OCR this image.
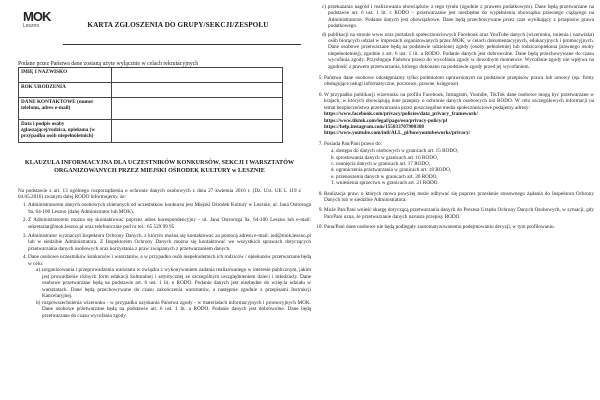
MOK
Leszno	KARTA ZGŁOSZENIA DO GRUPY/SEKCJI/ZESPOŁU
Podane przez Państwa dane zostaną użyte wyłącznie w celach rekrutacyjnych
IMIĘ I NAZWISKO	
ROK URODZENIA	
DANE KONTAKTOWE (numer telefonu, adres e-mail)	
Data i podpis osoby zgłaszającej/rodzica, opiekuna (w przypadku osób niepełnoletnich)	
KLAUZULA INFORMACYJNA DLA UCZESTNIKÓW KONKURSÓW, SEKCJI I WARSZTATÓW
ORGANIZOWANYCH PRZEZ MIEJSKI OŚRODEK KULTURY w LESZNIE
Na podstawie z art. 13 ogólnego rozporządzenia o ochronie danych osobowych z dnia 27 kwietnia 2016 r. (Dz. Urz. UE L 119 z 04.05.2016) zwanym dalej RODO informujemy, że:
1. Administratorem danych osobowych zbieranych od uczestników konkursu jest Miejski Ośrodek Kultury w Lesznie, ul. Jana Ostroroga 9a, 64-100 Leszno (dalej Administrator lub MOK).
2. Z Administratorem można się skontaktować poprzez adres korespondencyjny - ul. Jana Ostroroga 9a, 64-100 Leszno lub e-mail: sekretariat@mok.leszno.pl oraz telefonicznie pod nr tel.: 65 529 99 95
3. Administrator wyznaczył Inspektora Ochrony Danych, z którym można się kontaktować za pomocą adresu e-mail: iod@mok.leszno.pl lub w siedzibie Administratora. Z Inspektorem Ochrony Danych można się kontaktować we wszystkich sprawach dotyczących przetwarzania danych osobowych oraz korzystania z praw związanych z przetwarzaniem danych.
4. Dane osobowe uczestników konkursów i warsztatów, a w przypadku osób niepełnoletnich ich rodziców / opiekunów przetwarzane będą w celu:
a) zorganizowania i przeprowadzenia warsztatu w związku z wykonywaniem zadania realizowanego w interesie publicznym, jakim jest prowadzenie różnych form edukacji kulturalnej i artystycznej ze szczególnym uwzględnieniem dzieci i młodzieży. Dane osobowe przetwarzane będą na podstawie art. 6 ust. 1 lit. e RODO. Podanie danych jest niezbędne do wzięcia udziału w warsztatach. Dane będą przechowywane do czasu zakończenia warsztatów, a następnie zgodnie z przepisami Instrukcji Kancelaryjnej.
b) rozpowszechnienia wizerunku - w przypadku uzyskania Państwa zgody - w materiałach informacyjnych i promocyjnych MOK. Dane osobowe przetwarzane będą na podstawie art. 6 ust. 1 lit. a RODO. Podanie danych jest dobrowolne. Dane będą przetwarzane do czasu wycofania zgody.
c) przekazania nagród i realizowania obowiązków z tego tytułu (zgodnie z prawem podatkowym). Dane będą przetwarzane na podstawie art. 6 ust. 1 lit. c RODO – przetwarzanie jest niezbędne do wypełnienia obowiązku prawnego ciążącego na Administratorze. Podanie danych jest obowiązkowe. Dane będą przechowywane przez czas wynikający z przepisów prawa podatkowego.
d) publikacji na stronie www oraz portalach społecznościowych Facebook oraz YouTube danych (wizerunku, imienia i nazwiska) osób biorących udział w imprezach organizowanych przez MOK, w celach dokumentacyjnych, edukacyjnych i promocyjnych. Dane osobowe przetwarzane będą na podstawie udzielonej zgody (osoby pełnoletniej lub rodzica/opiekuna prawnego osoby niepełnoletniej), zgodnie z art. 6 ust. 1 lit. a RODO. Podanie danych jest dobrowolne. Dane będą przechowywane do czasu wycofania zgody. Przysługuje Państwu prawo do wycofania zgody w dowolnym momencie. Wycofanie zgody nie wpływa na zgodność z prawem przetwarzania, którego dokonano na podstawie zgody przed jej wycofaniem.
5. Państwa dane osobowe udostępniamy tylko podmiotom uprawnionym na podstawie przepisów prawa lub umowy (np. firmy obsługujące usługi informatyczne, pocztowe, prawne, księgowe).
6. W przypadku publikacji wizerunku na profilu Facebook, Instagram, Youtube, TikTok dane osobowe mogą być przetwarzane w krajach, w których obowiązują inne przepisy o ochronie danych osobowych niż RODO. W celu szczegółowych informacji na temat bezpieczeństwa przetwarzania przez poszczególne media społecznościowe podajemy adresy:
https://www.facebook.com/privacy/policies/data_privacy_framework/
https://www.tiktok.com/legal/page/eea/privacy-policy/pl
https://help.instagram.com/155833707900388
https://www.youtube.com/intl/ALL_pl/howyoutubeworks/privacy/
7. Posiada Pan/Pani prawo do:
a. dostępu do danych osobowych w granicach art. 15 RODO,
b. sprostowania danych w granicach art. 16 RODO,
c. usunięcia danych w granicach art. 17 RODO,
d. ograniczenia przetwarzania w granicach art. 18 RODO,
e. przenoszenia danych w granicach art. 20 RODO,
f. wniesienia sprzeciwu w granicach art. 21 RODO.
8. Realizacja praw, o których mowa powyżej może odbywać się poprzez przesłanie stosownego żądania do Inspektora Ochrony Danych lub w siedzibie Administratora.
9. Może Pan/Pani wnieść skargę dotyczącą przetwarzania danych do Prezesa Urzędu Ochrony Danych Osobowych, w sytuacji, gdy Pan/Pani uzna, że przetwarzanie danych narusza przepisy RODO.
10. Pana/Pani dane osobowe nie będą podlegały zautomatyzowanemu podejmowaniu decyzji, w tym profilowaniu.
